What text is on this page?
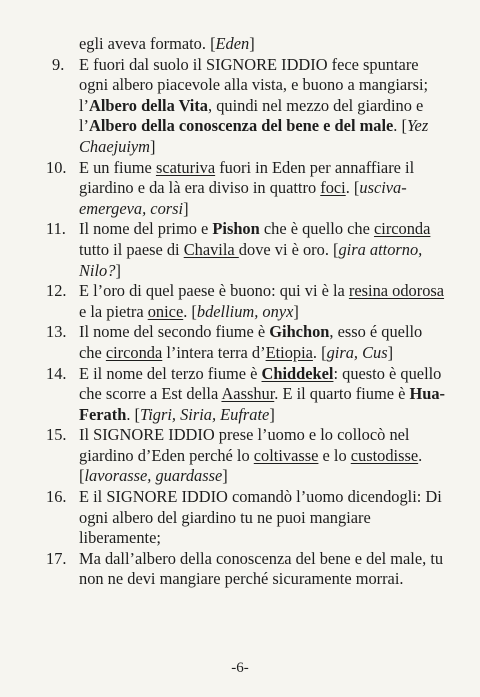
egli aveva formato. [Eden]

9. E fuori dal suolo il SIGNORE IDDIO fece spuntare ogni albero piacevole alla vista, e buono a mangiarsi; l’Albero della Vita, quindi nel mezzo del giardino e l’Albero della conoscenza del bene e del male. [Yez Chaejuiym]

10. E un fiume scaturiva fuori in Eden per annaffiare il giardino e da là era diviso in quattro foci. [usciva- emergeva, corsi]

11. Il nome del primo e Pishon che è quello che circonda tutto il paese di Chavila dove vi è oro. [gira attorno, Nilo?]

12. E l’oro di quel paese è buono: qui vi è la resina odorosa e la pietra onice. [bdellium, onyx]

13. Il nome del secondo fiume è Gihchon, esso é quello che circonda l’intera terra d’Etiopia. [gira, Cus]

14. E il nome del terzo fiume è Chiddekel: questo è quello che scorre a Est della Aasshur. E il quarto fiume è Hua-Ferath. [Tigri, Siria, Eufrate]

15. Il SIGNORE IDDIO prese l’uomo e lo collocò nel giardino d’Eden perché lo coltivasse e lo custodisse. [lavorasse, guardasse]

16. E il SIGNORE IDDIO comandò l’uomo dicendogli: Di ogni albero del giardino tu ne puoi mangiare liberamente;

17. Ma dall’albero della conoscenza del bene e del male, tu non ne devi mangiare perché sicuramente morrai.

-6-
